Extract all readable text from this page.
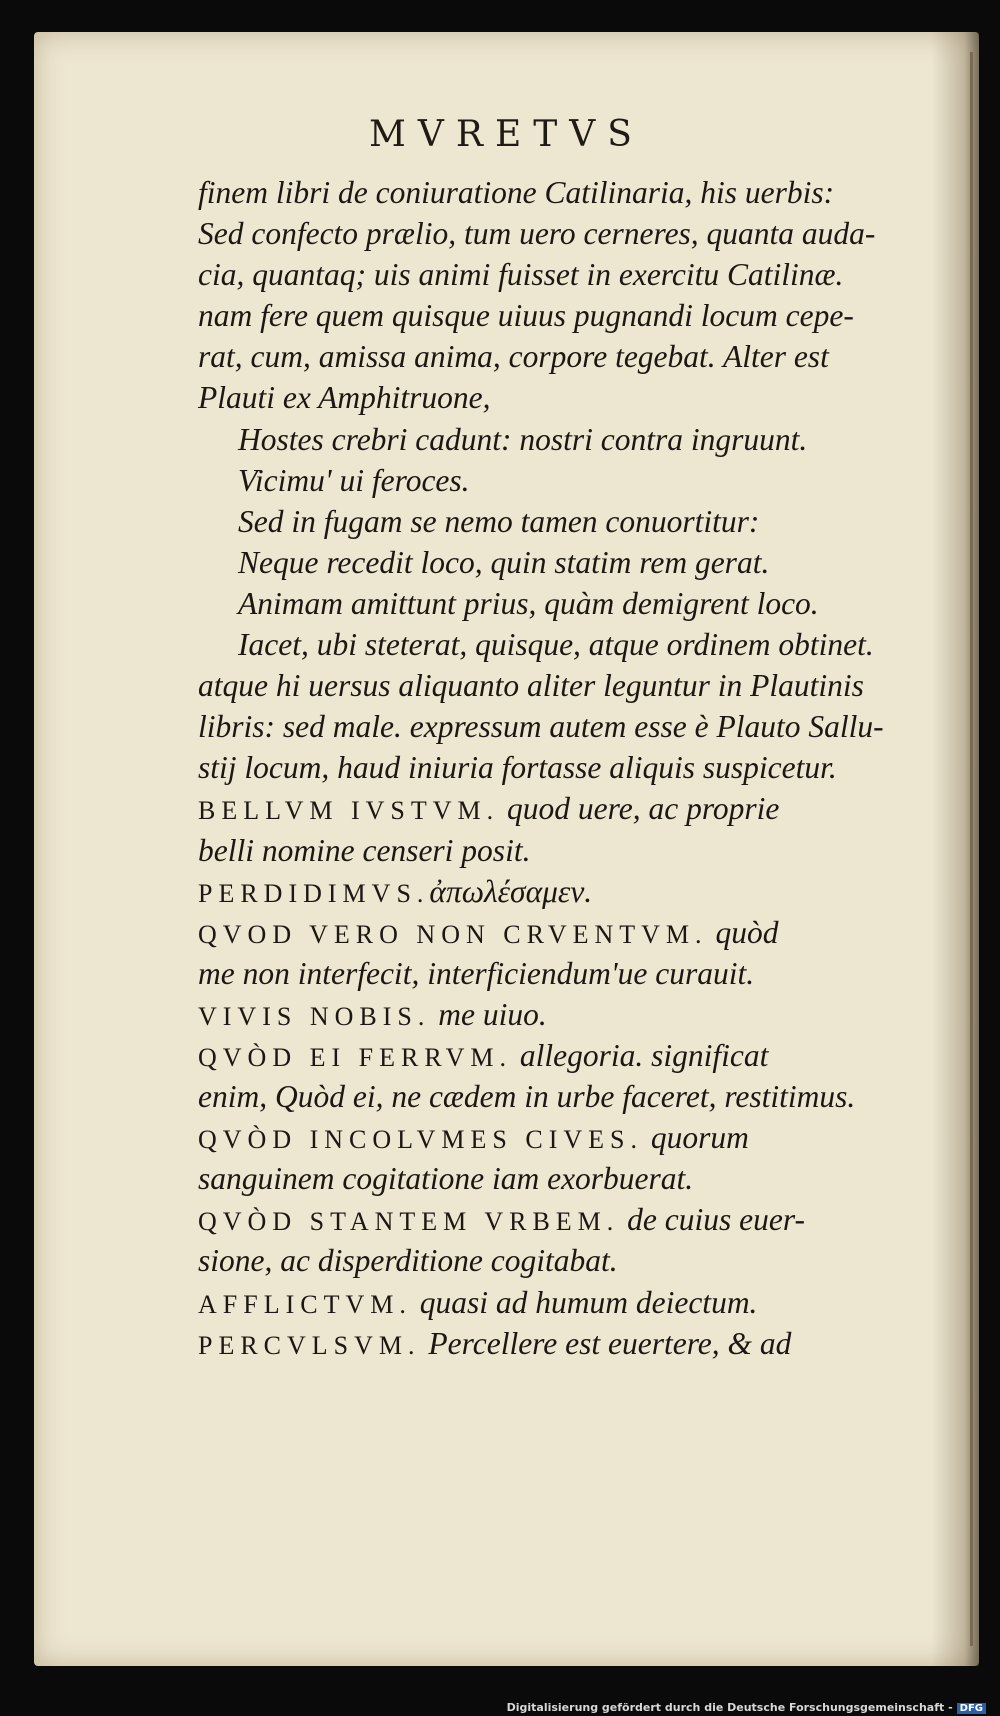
MVRETVS
finem libri de coniuratione Catilinaria, his uerbis:
Sed confecto prælio, tum uero cerneres, quanta auda-
cia, quantaq; uis animi fuisset in exercitu Catilinæ.
nam fere quem quisque uiuus pugnandi locum cepe-
rat, cum, amissa anima, corpore tegebat. Alter est
Plauti ex Amphitruone,
Hostes crebri cadunt: nostri contra ingruunt.
Vicimu' ui feroces.
Sed in fugam se nemo tamen conuortitur:
Neque recedit loco, quin statim rem gerat.
Animam amittunt prius, quàm demigrent loco.
Iacet, ubi steterat, quisque, atque ordinem obtinet.
atque hi uersus aliquanto aliter leguntur in Plautinis
libris: sed male. expressum autem esse è Plauto Sallu-
stij locum, haud iniuria fortasse aliquis suspicetur.
BELLVM IVSTVM. quod uere, ac proprie
belli nomine censeri posit.
PERDIDIMVS.ἀπωλέσαμεν.
QVOD VERO NON CRVENTVM. quòd
me non interfecit, interficiendum'ue curauit.
VIVIS NOBIS. me uiuo.
QVÒD EI FERRVM. allegoria. significat
enim, Quòd ei, ne cædem in urbe faceret, restitimus.
QVÒD INCOLVMES CIVES. quorum
sanguinem cogitatione iam exorbuerat.
QVÒD STANTEM VRBEM. de cuius euer-
sione, ac disperditione cogitabat.
AFFLICTVM. quasi ad humum deiectum.
PERCVLSVM. Percellere est euertere, & ad
Digitalisierung gefördert durch die Deutsche Forschungsgemeinschaft - DFG
